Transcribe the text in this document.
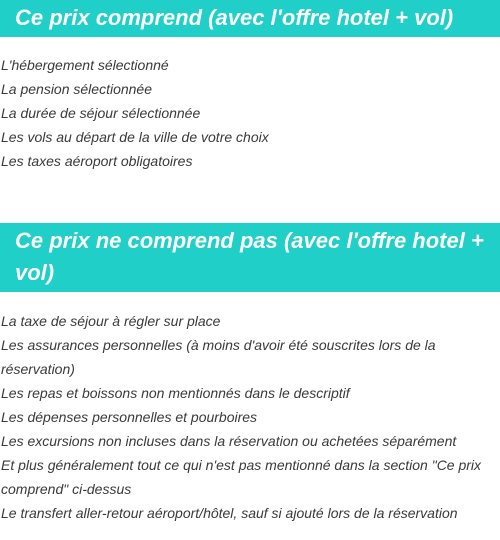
Ce prix comprend (avec l'offre hotel + vol)
L'hébergement sélectionné
La pension sélectionnée
La durée de séjour sélectionnée
Les vols au départ de la ville de votre choix
Les taxes aéroport obligatoires
Ce prix ne comprend pas (avec l'offre hotel + vol)
La taxe de séjour à régler sur place
Les assurances personnelles (à moins d'avoir été souscrites lors de la réservation)
Les repas et boissons non mentionnés dans le descriptif
Les dépenses personnelles et pourboires
Les excursions non incluses dans la réservation ou achetées séparément
Et plus généralement tout ce qui n'est pas mentionné dans la section "Ce prix comprend" ci-dessus
Le transfert aller-retour aéroport/hôtel, sauf si ajouté lors de la réservation
